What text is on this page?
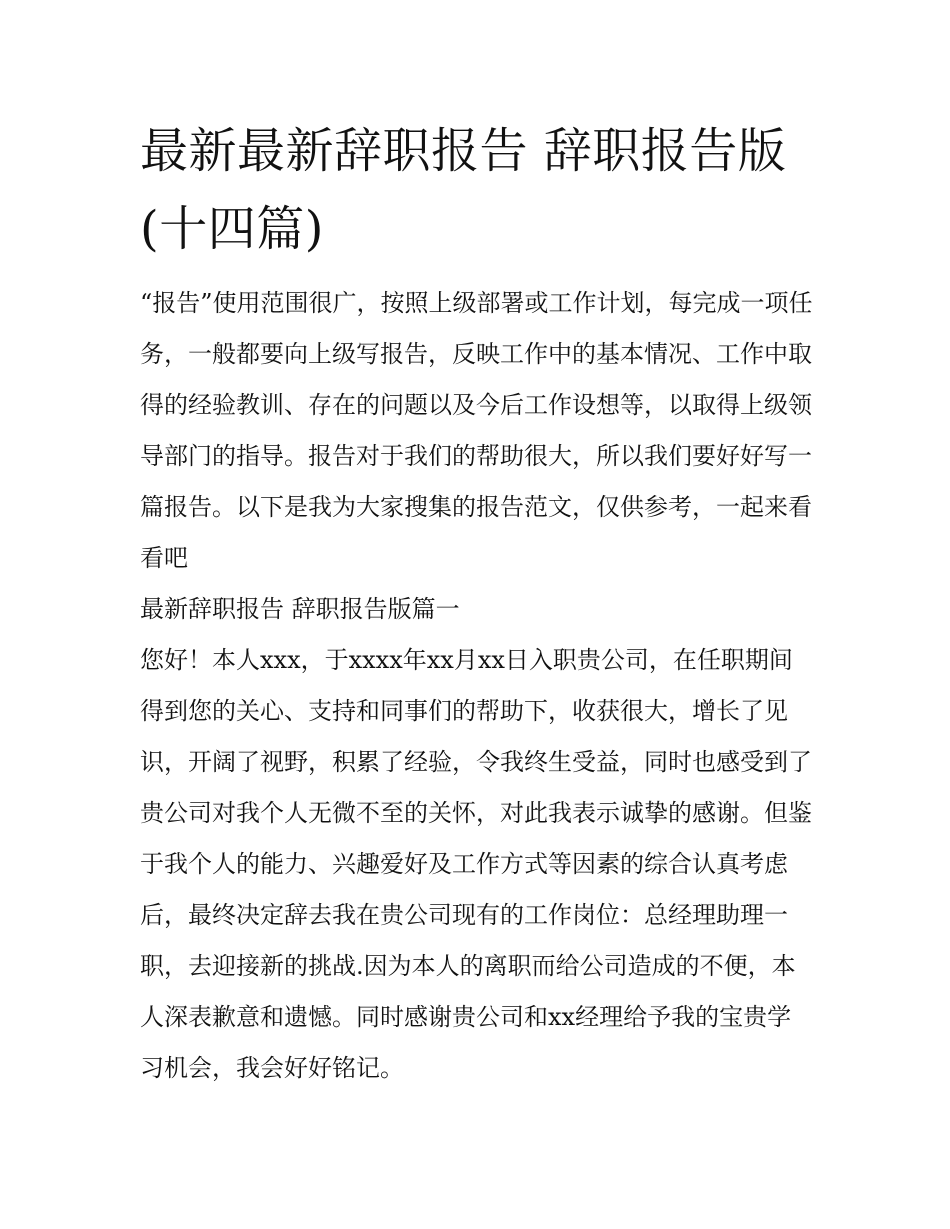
最新最新辞职报告 辞职报告版(十四篇)

“报告”使用范围很广，按照上级部署或工作计划，每完成一项任务，一般都要向上级写报告，反映工作中的基本情况、工作中取得的经验教训、存在的问题以及今后工作设想等，以取得上级领导部门的指导。报告对于我们的帮助很大，所以我们要好好写一篇报告。以下是我为大家搜集的报告范文，仅供参考，一起来看看吧

最新辞职报告 辞职报告版篇一

您好！本人xxx，于xxxx年xx月xx日入职贵公司，在任职期间得到您的关心、支持和同事们的帮助下，收获很大，增长了见识，开阔了视野，积累了经验，令我终生受益，同时也感受到了贵公司对我个人无微不至的关怀，对此我表示诚挚的感谢。但鉴于我个人的能力、兴趣爱好及工作方式等因素的综合认真考虑后，最终决定辞去我在贵公司现有的工作岗位：总经理助理一职，去迎接新的挑战.因为本人的离职而给公司造成的不便，本人深表歉意和遗憾。同时感谢贵公司和xx经理给予我的宝贵学习机会，我会好好铭记。
